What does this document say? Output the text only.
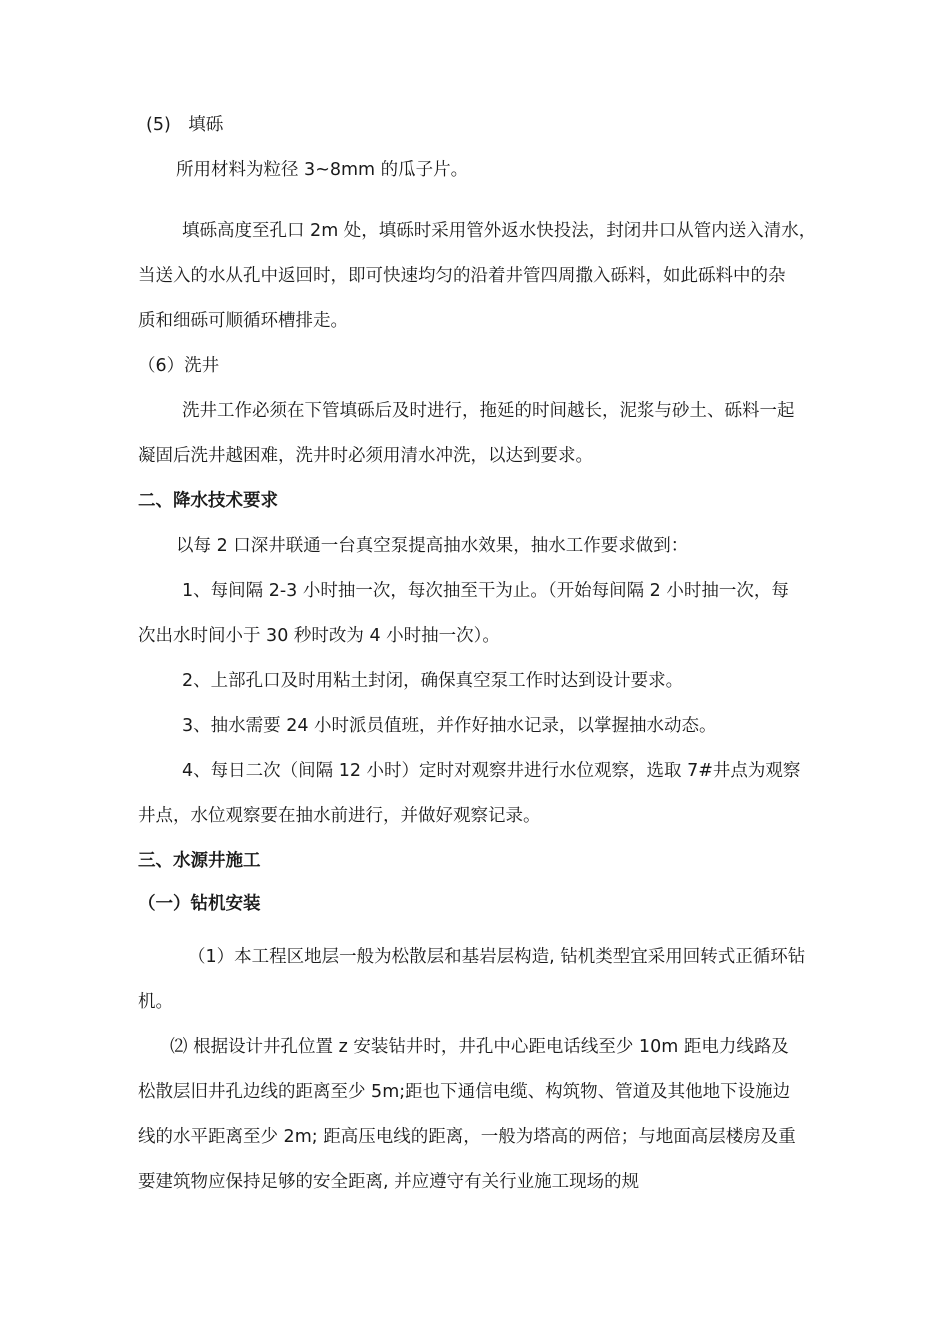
(5)　填砾
所用材料为粒径 3~8mm 的瓜子片。
填砾高度至孔口 2m 处，填砾时采用管外返水快投法，封闭井口从管内送入清水，
当送入的水从孔中返回时，即可快速均匀的沿着井管四周撒入砾料，如此砾料中的杂
质和细砾可顺循环槽排走。
（6）洗井
洗井工作必须在下管填砾后及时进行，拖延的时间越长，泥浆与砂土、砾料一起
凝固后洗井越困难，洗井时必须用清水冲洗，以达到要求。
二、降水技术要求
以每 2 口深井联通一台真空泵提高抽水效果，抽水工作要求做到：
1、每间隔 2-3 小时抽一次，每次抽至干为止。（开始每间隔 2 小时抽一次，每
次出水时间小于 30 秒时改为 4 小时抽一次）。
2、上部孔口及时用粘土封闭，确保真空泵工作时达到设计要求。
3、抽水需要 24 小时派员值班，并作好抽水记录，以掌握抽水动态。
4、每日二次（间隔 12 小时）定时对观察井进行水位观察，选取 7#井点为观察
井点，水位观察要在抽水前进行，并做好观察记录。
三、水源井施工
（一）钻机安装
（1）本工程区地层一般为松散层和基岩层构造, 钻机类型宜采用回转式正循环钻
机。
⑵ 根据设计井孔位置 z 安装钻井时，井孔中心距电话线至少 10m 距电力线路及
松散层旧井孔边线的距离至少 5m;距也下通信电缆、构筑物、管道及其他地下设施边
线的水平距离至少 2m; 距高压电线的距离，一般为塔高的两倍；与地面高层楼房及重
要建筑物应保持足够的安全距离, 并应遵守有关行业施工现场的规
